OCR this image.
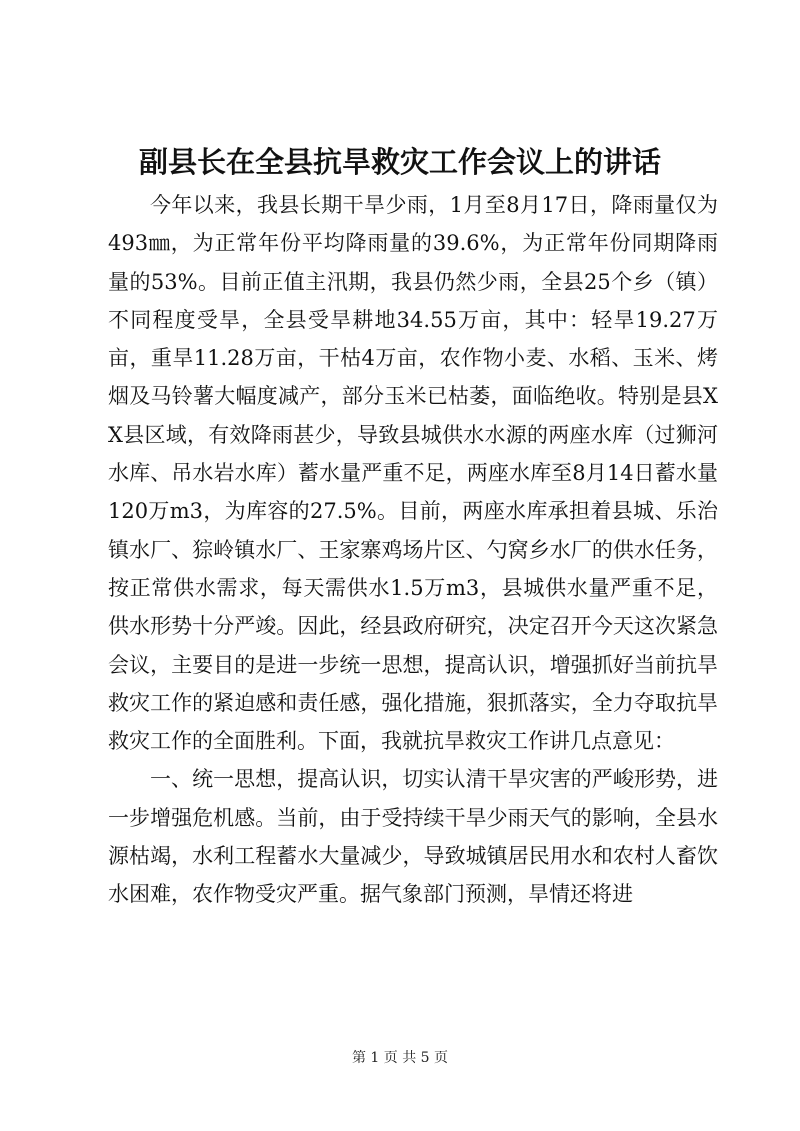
副县长在全县抗旱救灾工作会议上的讲话

今年以来，我县长期干旱少雨，1月至8月17日，降雨量仅为493㎜，为正常年份平均降雨量的39.6%，为正常年份同期降雨量的53%。目前正值主汛期，我县仍然少雨，全县25个乡（镇）不同程度受旱，全县受旱耕地34.55万亩，其中：轻旱19.27万亩，重旱11.28万亩，干枯4万亩，农作物小麦、水稻、玉米、烤烟及马铃薯大幅度减产，部分玉米已枯萎，面临绝收。特别是县XX县区域，有效降雨甚少，导致县城供水水源的两座水库（过狮河水库、吊水岩水库）蓄水量严重不足，两座水库至8月14日蓄水量120万m3，为库容的27.5%。目前，两座水库承担着县城、乐治镇水厂、猔岭镇水厂、王家寨鸡场片区、勺窝乡水厂的供水任务，按正常供水需求，每天需供水1.5万m3，县城供水量严重不足，供水形势十分严竣。因此，经县政府研究，决定召开今天这次紧急会议，主要目的是进一步统一思想，提高认识，增强抓好当前抗旱救灾工作的紧迫感和责任感，强化措施，狠抓落实，全力夺取抗旱救灾工作的全面胜利。下面，我就抗旱救灾工作讲几点意见：

一、统一思想，提高认识，切实认清干旱灾害的严峻形势，进一步增强危机感。当前，由于受持续干旱少雨天气的影响，全县水源枯竭，水利工程蓄水大量减少，导致城镇居民用水和农村人畜饮水困难，农作物受灾严重。据气象部门预测，旱情还将进

第 1 页 共 5 页
